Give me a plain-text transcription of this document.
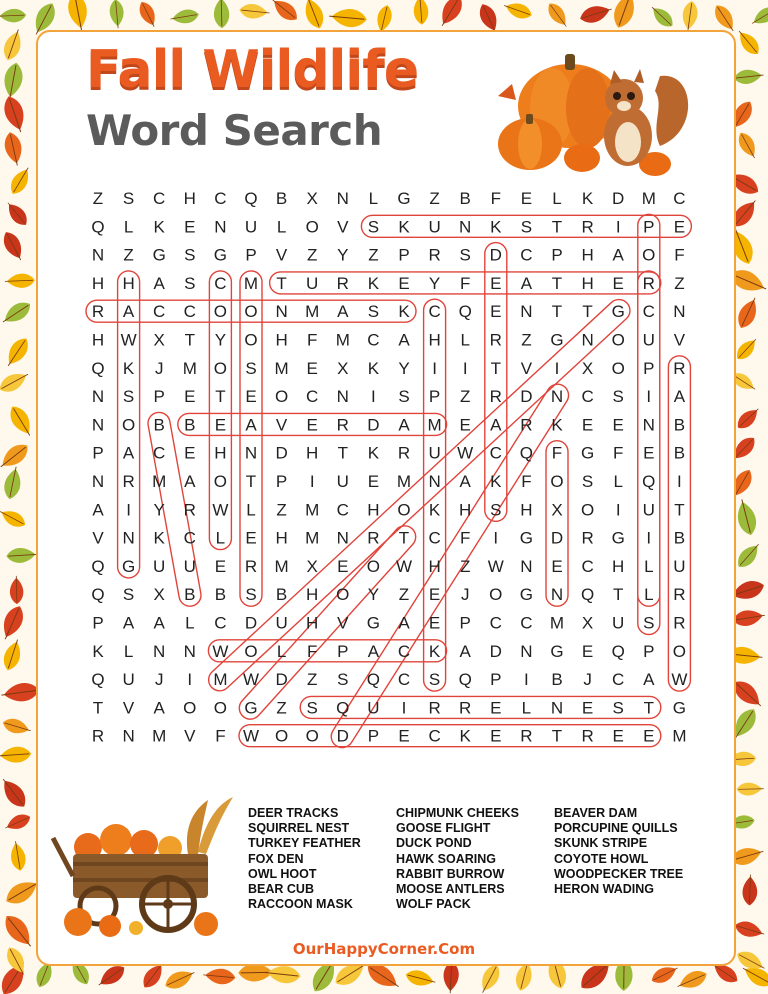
Fall Wildlife
Word Search
Z S C H C Q B X N L G Z B F E L K D M C
Q L K E N U L O V S K U N K S T R I P E
N Z G S G P V Z Y Z P R S D C P H A O F
H H A S C M T U R K E Y F E A T H E R Z
R A C C O O N M A S K C Q E N T T G C N
H W X T Y O H F M C A H L R Z G N O U V
Q K J M O S M E X K Y I I T V I X O P R
N S P E T E O C N I S P Z R D N C S I A
N O B B E A V E R D A M E A R K E E N B
P A C E H N D H T K R U W C Q F G F E B
N R M A O T P I U E M N A K F O S L Q I
A I Y R W L Z M C H O K H S H X O I U T
V N K C L E H M N R T C F I G D R G I B
Q G U U E R M X E O W H Z W N E C H L U
Q S X B B S B H O Y Z E J O G N Q T L R
P A A L C D U H V G A E P C C M X U S R
K L N N W O L F P A C K A D N G E Q P O
Q U J I M W D Z S Q C S Q P I B J C A W
T V A O O G Z S Q U I R R E L N E S T G
R N M V F W O O D P E C K E R T R E E M
DEER TRACKS
SQUIRREL NEST
TURKEY FEATHER
FOX DEN
OWL HOOT
BEAR CUB
RACCOON MASK
CHIPMUNK CHEEKS
GOOSE FLIGHT
DUCK POND
HAWK SOARING
RABBIT BURROW
MOOSE ANTLERS
WOLF PACK
BEAVER DAM
PORCUPINE QUILLS
SKUNK STRIPE
COYOTE HOWL
WOODPECKER TREE
HERON WADING
OurHappyCorner.Com
